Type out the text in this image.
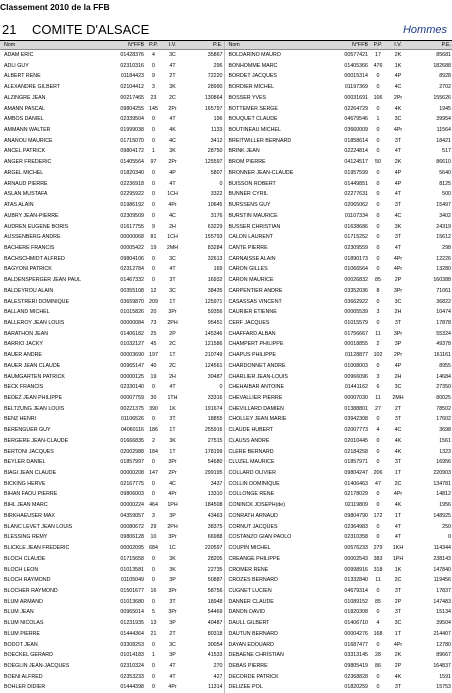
Classement 2010 de la FFB
21 COMITE D'ALSACE	Hommes
Nom	N°FFB	P.P.	I.V.	P.E.	Nom	N°FFB	P.P.	I.V.	P.E.
ADAM ERIC	01428376	4	3C	35867	BOLDARINO MAURO	00577421	17	2K	85681
ADLI GUY	02310316	0	4T	296	BONHOMME MARC	01405366	476	1K	182688
ALBERT RENE	01184423	9	2T	72220	BORDET JACQUES	00015314	0	4P	8928
ALEXANDRE GILBERT	02104412	3	3K	28990	BORDIER MICHEL	01197369	0	4C	2702
ALZINGRE JEAN	00217465	23	2C	130864	BOSSER YVES	00031691	106	2Pr	155626
AMANN PASCAL	09804255	145	2Pr	165797	BOTTEMER SERGE	02264729	0	4K	1945
AMBOS DANIEL	02339504	0	4T	196	BOUQUET CLAUDE	04679546	1	3C	39954
AMMANN WALTER	01999038	0	4K	1133	BOUTINEAU MICHEL	03660009	0	4Pr	11564
ANANOU MAURICE	01715070	0	4C	3412	BREITWILLER BERNARD	01858614	0	3T	18421
ANCEL PATRICK	09804172	1	3K	28750	BRINK JEAN	02224814	0	4T	517
ANGER FREDERIC	01405564	97	2Pr	125597	BROM PIERRE	04124517	50	2K	86610
ARGEL MICHEL	01820340	0	4P	5807	BRONNER JEAN-CLAUDE	01957599	0	4P	5640
ARNAUD PIERRE	02236918	0	4T	0	BUISSON ROBERT	01449851	0	4P	8125
ASLAN MUSTAFA	02295922	0	1CH	3322	BUNNER CYRIL	02277631	0	4T	500
ATAS ALAIN	01986192	0	4Pr	10645	BURSSENS GUY	02065062	0	3T	15497
AUBRY JEAN-PIERRE	02309509	0	4C	3176	BURSTIN MAURICE	01107334	0	4C	3402
AUDREN EUGENE BORIS	01617755	9	2H	63229	BUSSER CHRISTIAN	01638686	0	3K	24319
AUSSENBERG ANDRE	00000068	81	1CH	155793	CALON LAURENT	01715252	0	3T	15612
BACHERE FRANCIS	00005422	19	2MH	83284	CANTE PIERRE	02309559	0	4T	298
BACHSCHMIDT ALFRED	09804106	0	3C	32613	CARNAISSE ALAIN	01890173	0	4Pr	12226
BAGYONI PATRICK	02312784	0	4T	169	CARON GILLES	01066564	0	4Pr	13280
BALDENSPERGER JEAN PAUL	01467332	0	3T	16932	CARON MAURICE	00026832	85	2P	160388
BALDEYROU ALAIN	00355108	12	3C	38435	CARPENTIER ANDRE	03352036	8	3Pr	71061
BALESTRERI DOMINIQUE	03659870	209	1T	125971	CASASSAS VINCENT	03662922	0	3C	36822
BALLAND MICHEL	01015826	20	3Pr	59356	CAURIER ETIENNE	00005539	3	2H	10474
BALLEROY JEAN LOUIS	00000084	73	2PH	95451	CERF JACQUES	01015579	0	3T	17878
BARATHON JEAN	01406182	25	2P	145346	CHAFFARD ALBAN	01756667	11	3Pr	55324
BARRIO JACKY	01032127	45	2C	121586	CHAMPERT PHILIPPE	00018855	2	3P	49378
BAUER ANDRE	00003690	197	1T	210749	CHAPUS PHILIPPE	01128877	102	2Pr	161161
BAUER JEAN CLAUDE	00965147	40	2C	124561	CHARDONNET ANDRE	01008003	0	4P	8955
BAUMGARTEN PATRICK	00000125	19	2H	30487	CHARLIER JEAN-LOUIS	00966096	3	2H	14684
BECK FRANCIS	02330140	0	4T	0	CHEHAIBAR ANTOINE	01441162	6	3C	27350
BEDEZ JEAN PHILIPPE	00007759	30	1TH	33316	CHEVALLIER PIERRE	00007030	11	2MH	80025
BELTZUNG JEAN LOUIS	00221375	390	1K	191674	CHEVILLARD DAMIEN	01388801	27	2T	78502
BENZ HENRI	01106526	0	3T	18855	CHOLLEY JEAN MARIE	03942308	0	3T	17602
BERENGUER GUY	04060116	186	1T	255916	CLAUDE HUBERT	02007773	4	4C	3698
BERGERE JEAN-CLAUDE	01666835	2	3K	27515	CLAUSS ANDRE	02010445	0	4K	1561
BERTONI JACQUES	02002988	184	1T	178199	CLERE BERNARD	02184258	0	4K	1323
BEYLER DANIEL	01857997	0	3Pr	54680	CLUZEL MAURICE	01857971	0	3T	16956
BIAGI JEAN CLAUDE	00000208	147	2Pr	299195	COLLARD OLIVIER	09804247	206	1T	220903
BICKING HERVE	02167775	0	4C	3437	COLLIN DOMINIQUE	01406463	47	2C	134781
BIHAN FAOU PIERRE	09806003	0	4Pr	13310	COLLONGE RENE	02178029	0	4Pr	14812
BIHL JEAN MARC	00000224	464	1PH	184508	CONINCK JOSEPH(de)	02119809	0	4K	1956
BIRKHAEUSER MAX	04359057	3	3P	43463	CONRATH ARNAUD	09804790	172	1T	148925
BLANC LEVET JEAN LOUIS	00080672	29	2PH	38375	CORNUT JACQUES	02364983	0	4T	250
BLESSING REMY	09806128	10	3Pr	66988	COSTANZO GIAN PAOLO	02310358	0	4T	0
BLICKLE JEAN FREDERIC	00002095	684	1C	220597	COUPIN MICHEL	00576233	279	1KH	114344
BLOCH CLAUDE	01715658	0	3K	28205	CREANGE PHILIPPE	00002543	383	1PH	238143
BLOCH LEON	01013581	0	3K	22735	CROMER RENE	00998916	318	1K	147840
BLOCH RAYMOND	01105049	0	3P	50887	CROZES BERNARD	01332840	11	2C	119456
BLOCHER RAYMOND	01501677	16	3Pr	58756	CUGNET LUCIEN	04679314	0	3T	17837
BLUM ARMAND	01013680	0	3T	18948	DANNER CLAUDE	01089152	85	2P	147483
BLUM JEAN	00965014	5	3Pr	54469	DANON DAVID	01820308	0	3T	15134
BLUM NICOLAS	01231935	13	3P	40487	DAULL GILBERT	01406710	4	3C	39504
BLUM PIERRE	01444364	21	2T	80318	DAUTUN BERNARD	00004276	168	1T	214407
BODOT JEAN	03308253	0	3C	30054	DAYAN EDOUARD	01687477	0	4Pr	12780
BOECKEL GERARD	01014183	1	3P	41533	DEBAENE CHRISTIAN	03313145	28	2K	89667
BOEGLIN JEAN-JACQUES	02310324	0	4T	270	DEBAS PIERRE	09805419	86	2P	164837
BOENI ALFRED	02353233	0	4T	427	DECORDE PATRICK	02368828	0	4K	1591
BOHLER DIDIER	01444398	0	4Pr	11314	DELIZEE POL	01820259	0	3T	15753
